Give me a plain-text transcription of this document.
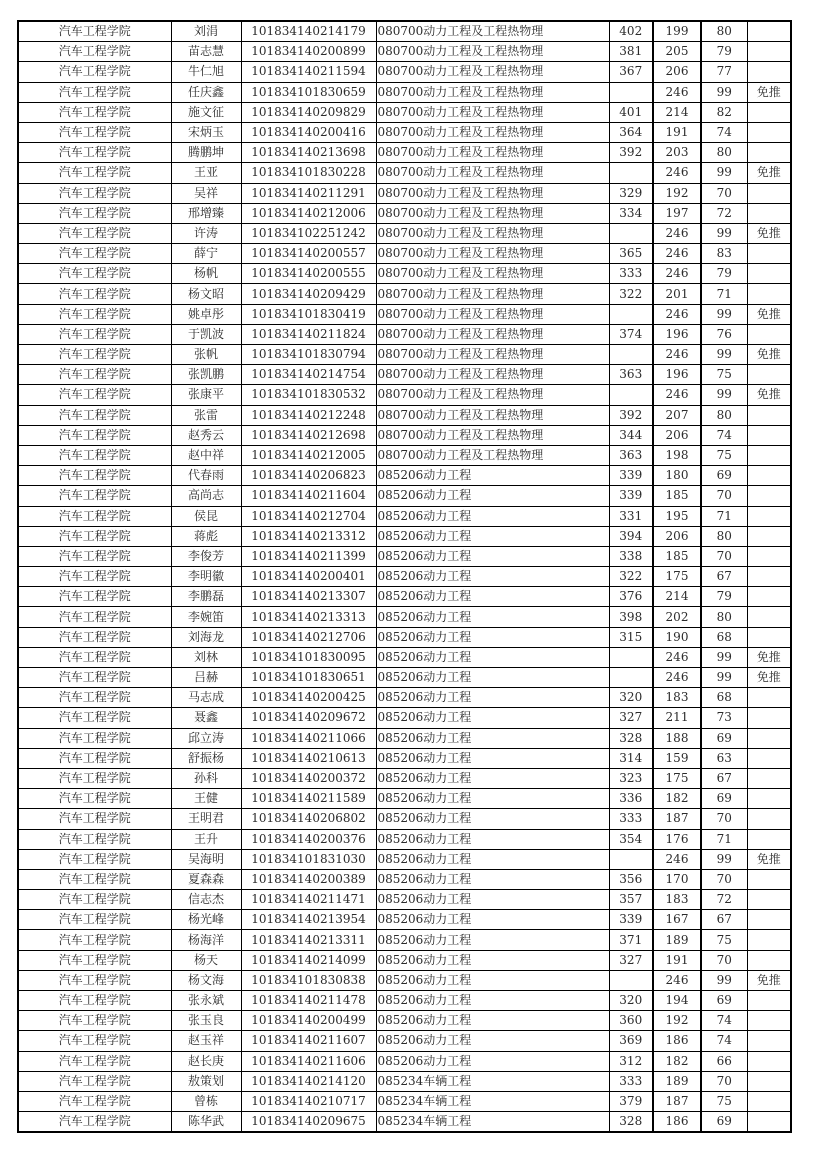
汽车工程学院	刘涓	101834140214179	080700动力工程及工程热物理	402	199	80	
汽车工程学院	苗志慧	101834140200899	080700动力工程及工程热物理	381	205	79	
汽车工程学院	牛仁旭	101834140211594	080700动力工程及工程热物理	367	206	77	
汽车工程学院	任庆鑫	101834101830659	080700动力工程及工程热物理		246	99	免推
汽车工程学院	施文征	101834140209829	080700动力工程及工程热物理	401	214	82	
汽车工程学院	宋炳玉	101834140200416	080700动力工程及工程热物理	364	191	74	
汽车工程学院	腾鹏坤	101834140213698	080700动力工程及工程热物理	392	203	80	
汽车工程学院	王亚	101834101830228	080700动力工程及工程热物理		246	99	免推
汽车工程学院	吴祥	101834140211291	080700动力工程及工程热物理	329	192	70	
汽车工程学院	邢增臻	101834140212006	080700动力工程及工程热物理	334	197	72	
汽车工程学院	许涛	101834102251242	080700动力工程及工程热物理		246	99	免推
汽车工程学院	薛宁	101834140200557	080700动力工程及工程热物理	365	246	83	
汽车工程学院	杨帆	101834140200555	080700动力工程及工程热物理	333	246	79	
汽车工程学院	杨文昭	101834140209429	080700动力工程及工程热物理	322	201	71	
汽车工程学院	姚卓彤	101834101830419	080700动力工程及工程热物理		246	99	免推
汽车工程学院	于凯波	101834140211824	080700动力工程及工程热物理	374	196	76	
汽车工程学院	张帆	101834101830794	080700动力工程及工程热物理		246	99	免推
汽车工程学院	张凯鹏	101834140214754	080700动力工程及工程热物理	363	196	75	
汽车工程学院	张康平	101834101830532	080700动力工程及工程热物理		246	99	免推
汽车工程学院	张雷	101834140212248	080700动力工程及工程热物理	392	207	80	
汽车工程学院	赵秀云	101834140212698	080700动力工程及工程热物理	344	206	74	
汽车工程学院	赵中祥	101834140212005	080700动力工程及工程热物理	363	198	75	
汽车工程学院	代春雨	101834140206823	085206动力工程	339	180	69	
汽车工程学院	高尚志	101834140211604	085206动力工程	339	185	70	
汽车工程学院	侯昆	101834140212704	085206动力工程	331	195	71	
汽车工程学院	蒋彪	101834140213312	085206动力工程	394	206	80	
汽车工程学院	李俊芳	101834140211399	085206动力工程	338	185	70	
汽车工程学院	李明徽	101834140200401	085206动力工程	322	175	67	
汽车工程学院	李鹏磊	101834140213307	085206动力工程	376	214	79	
汽车工程学院	李婉笛	101834140213313	085206动力工程	398	202	80	
汽车工程学院	刘海龙	101834140212706	085206动力工程	315	190	68	
汽车工程学院	刘林	101834101830095	085206动力工程		246	99	免推
汽车工程学院	吕赫	101834101830651	085206动力工程		246	99	免推
汽车工程学院	马志成	101834140200425	085206动力工程	320	183	68	
汽车工程学院	聂鑫	101834140209672	085206动力工程	327	211	73	
汽车工程学院	邱立涛	101834140211066	085206动力工程	328	188	69	
汽车工程学院	舒振杨	101834140210613	085206动力工程	314	159	63	
汽车工程学院	孙科	101834140200372	085206动力工程	323	175	67	
汽车工程学院	王健	101834140211589	085206动力工程	336	182	69	
汽车工程学院	王明君	101834140206802	085206动力工程	333	187	70	
汽车工程学院	王升	101834140200376	085206动力工程	354	176	71	
汽车工程学院	吴海明	101834101831030	085206动力工程		246	99	免推
汽车工程学院	夏森森	101834140200389	085206动力工程	356	170	70	
汽车工程学院	信志杰	101834140211471	085206动力工程	357	183	72	
汽车工程学院	杨光峰	101834140213954	085206动力工程	339	167	67	
汽车工程学院	杨海洋	101834140213311	085206动力工程	371	189	75	
汽车工程学院	杨天	101834140214099	085206动力工程	327	191	70	
汽车工程学院	杨文海	101834101830838	085206动力工程		246	99	免推
汽车工程学院	张永斌	101834140211478	085206动力工程	320	194	69	
汽车工程学院	张玉良	101834140200499	085206动力工程	360	192	74	
汽车工程学院	赵玉祥	101834140211607	085206动力工程	369	186	74	
汽车工程学院	赵长庚	101834140211606	085206动力工程	312	182	66	
汽车工程学院	敖策划	101834140214120	085234车辆工程	333	189	70	
汽车工程学院	曾栋	101834140210717	085234车辆工程	379	187	75	
汽车工程学院	陈华武	101834140209675	085234车辆工程	328	186	69	
